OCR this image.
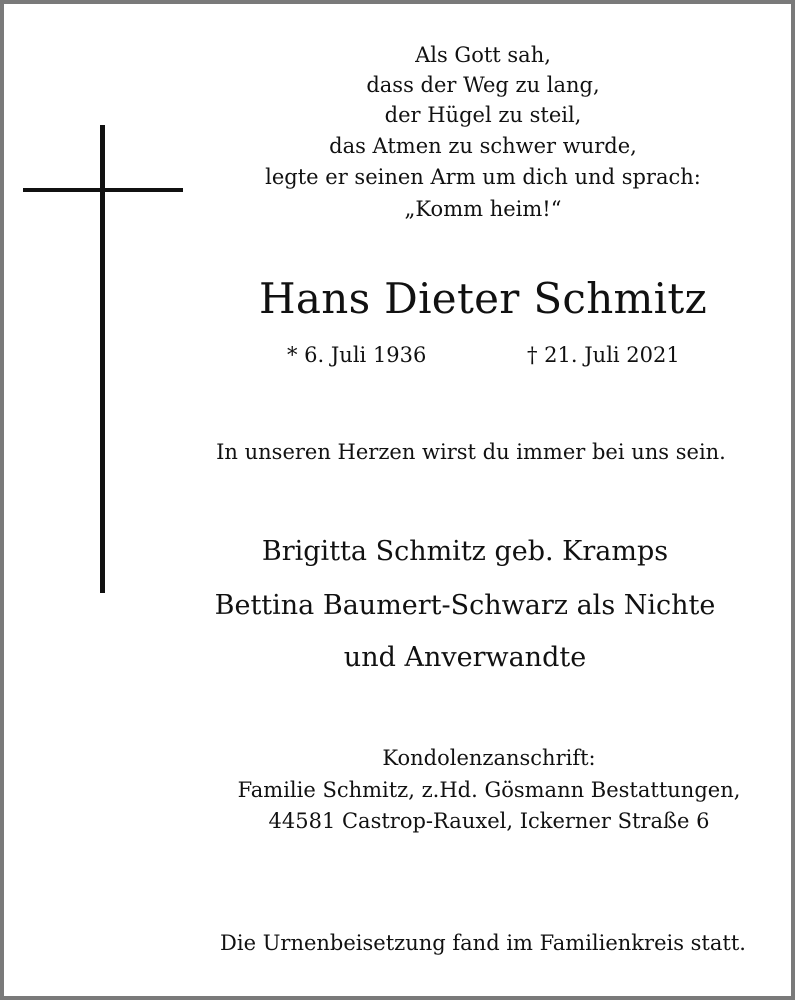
Als Gott sah,
dass der Weg zu lang,
der Hügel zu steil,
das Atmen zu schwer wurde,
legte er seinen Arm um dich und sprach:
„Komm heim!“
Hans Dieter Schmitz
* 6. Juli 1936	† 21. Juli 2021
In unseren Herzen wirst du immer bei uns sein.
Brigitta Schmitz geb. Kramps
Bettina Baumert-Schwarz als Nichte
und Anverwandte
Kondolenzanschrift:
Familie Schmitz, z.Hd. Gösmann Bestattungen,
44581 Castrop-Rauxel, Ickerner Straße 6
Die Urnenbeisetzung fand im Familienkreis statt.
